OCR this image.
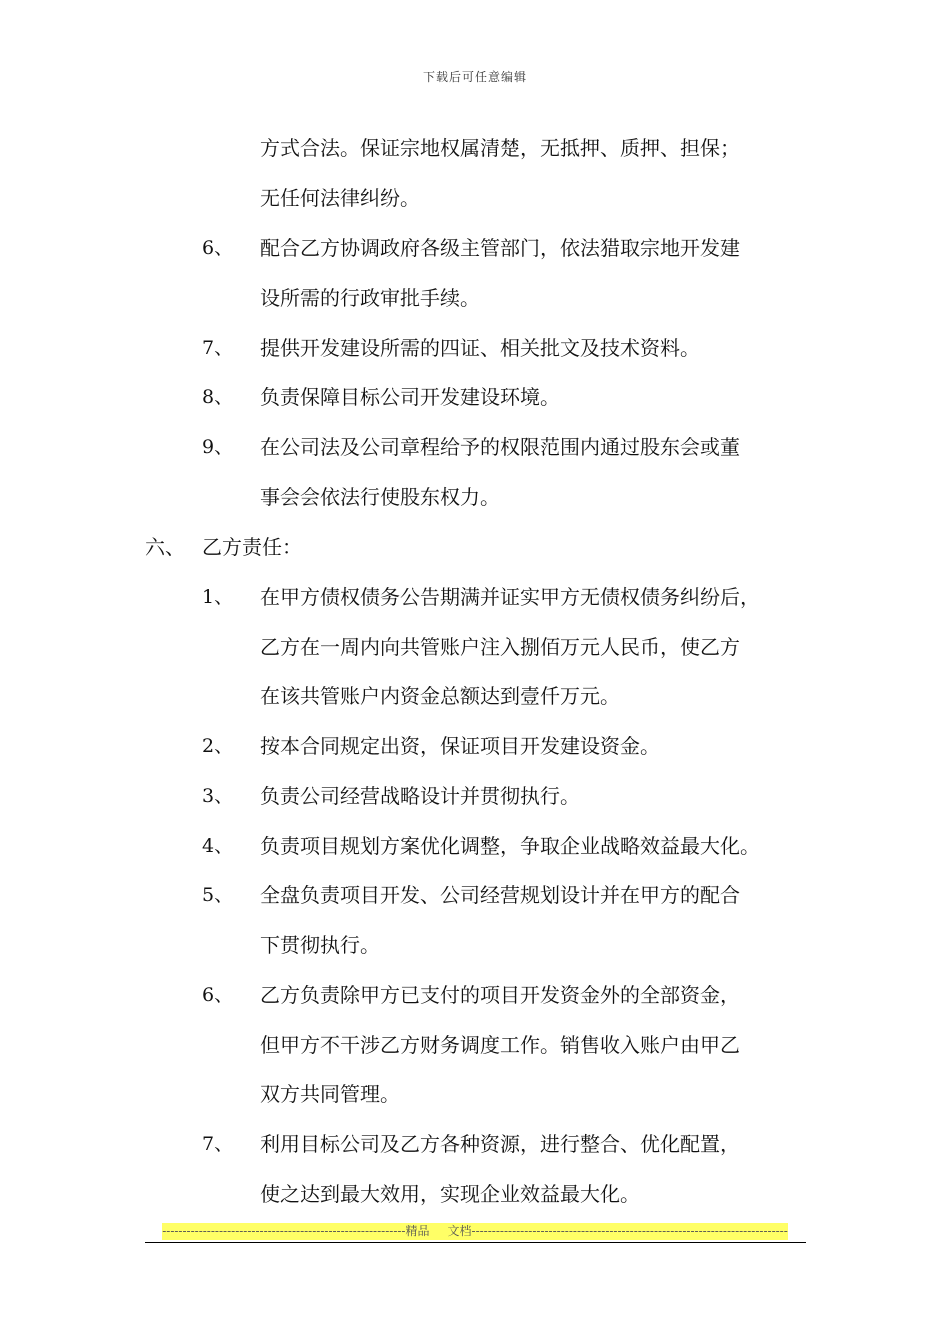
下载后可任意编辑
方式合法。保证宗地权属清楚，无抵押、质押、担保；
无任何法律纠纷。
6、 配合乙方协调政府各级主管部门，依法猎取宗地开发建
设所需的行政审批手续。
7、 提供开发建设所需的四证、相关批文及技术资料。
8、 负责保障目标公司开发建设环境。
9、 在公司法及公司章程给予的权限范围内通过股东会或董
事会会依法行使股东权力。
六、 乙方责任：
1、 在甲方债权债务公告期满并证实甲方无债权债务纠纷后，
乙方在一周内向共管账户注入捌佰万元人民币，使乙方
在该共管账户内资金总额达到壹仟万元。
2、 按本合同规定出资，保证项目开发建设资金。
3、 负责公司经营战略设计并贯彻执行。
4、 负责项目规划方案优化调整，争取企业战略效益最大化。
5、 全盘负责项目开发、公司经营规划设计并在甲方的配合
下贯彻执行。
6、 乙方负责除甲方已支付的项目开发资金外的全部资金，
但甲方不干涉乙方财务调度工作。销售收入账户由甲乙
双方共同管理。
7、 利用目标公司及乙方各种资源，进行整合、优化配置，
使之达到最大效用，实现企业效益最大化。
------------------------------------------------------------精品 文档------------------------------------------------------------------------------
